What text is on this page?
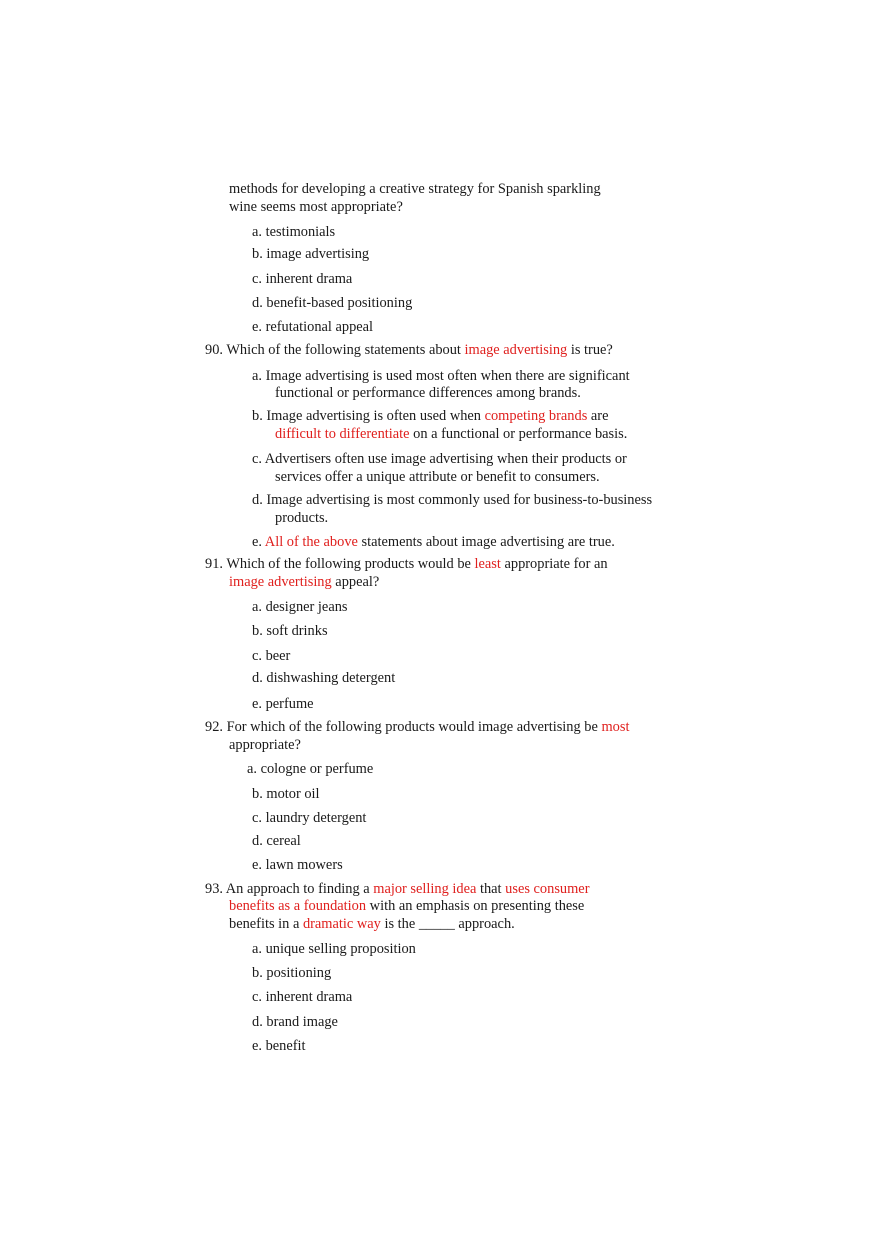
methods for developing a creative strategy for Spanish sparkling
wine seems most appropriate?
a. testimonials
b. image advertising
c. inherent drama
d. benefit-based positioning
e. refutational appeal
90. Which of the following statements about image advertising is true?
a. Image advertising is used most often when there are significant
functional or performance differences among brands.
b. Image advertising is often used when competing brands are
difficult to differentiate on a functional or performance basis.
c. Advertisers often use image advertising when their products or
services offer a unique attribute or benefit to consumers.
d. Image advertising is most commonly used for business-to-business
products.
e. All of the above statements about image advertising are true.
91. Which of the following products would be least appropriate for an
image advertising appeal?
a. designer jeans
b. soft drinks
c. beer
d. dishwashing detergent
e. perfume
92. For which of the following products would image advertising be most
appropriate?
a. cologne or perfume
b. motor oil
c. laundry detergent
d. cereal
e. lawn mowers
93. An approach to finding a major selling idea that uses consumer
benefits as a foundation with an emphasis on presenting these
benefits in a dramatic way is the _____ approach.
a. unique selling proposition
b. positioning
c. inherent drama
d. brand image
e. benefit
